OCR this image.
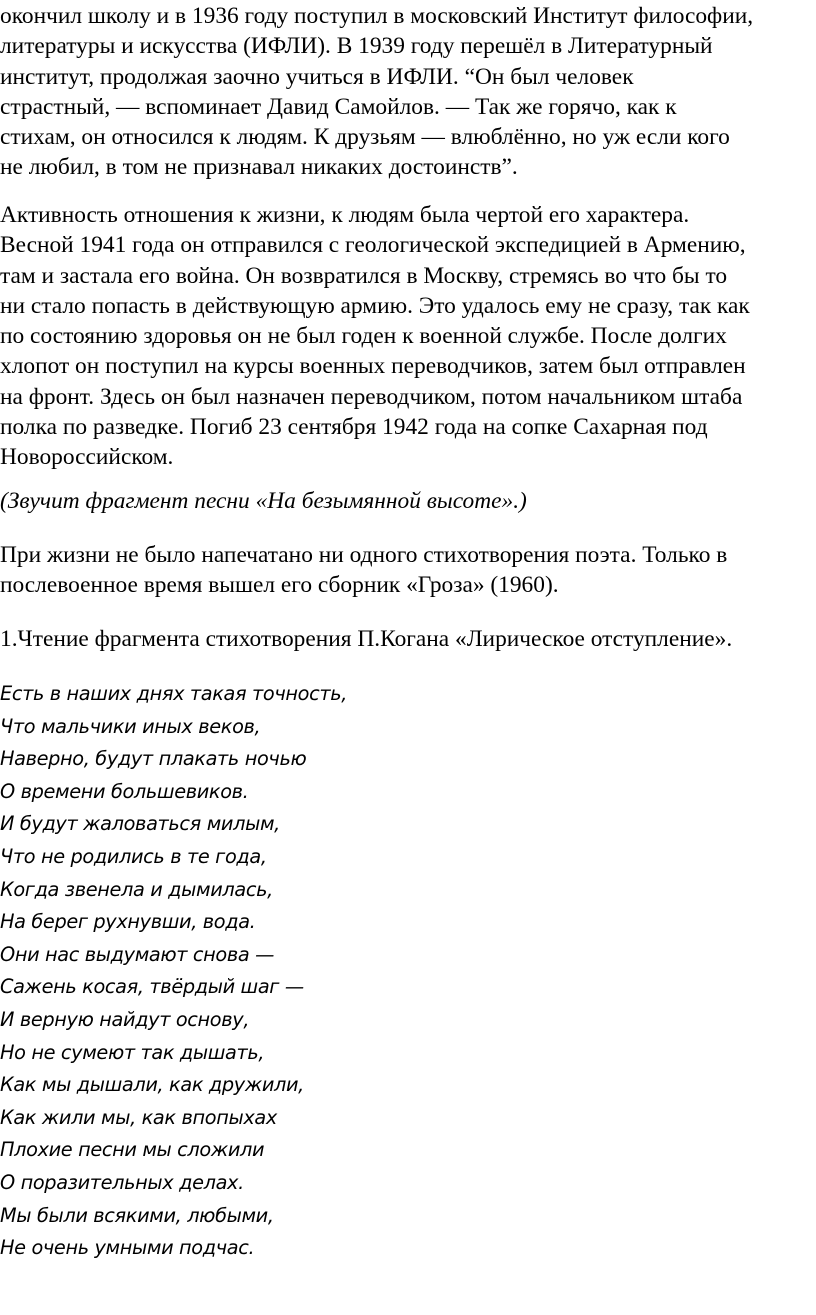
окончил школу и в 1936 году поступил в московский Институт философии,
литературы и искусства (ИФЛИ). В 1939 году перешёл в Литературный
институт, продолжая заочно учиться в ИФЛИ. “Он был человек
страстный, — вспоминает Давид Самойлов. — Так же горячо, как к
стихам, он относился к людям. К друзьям — влюблённо, но уж если кого
не любил, в том не признавал никаких достоинств”.

Активность отношения к жизни, к людям была чертой его характера.
Весной 1941 года он отправился с геологической экспедицией в Армению,
там и застала его война. Он возвратился в Москву, стремясь во что бы то
ни стало попасть в действующую армию. Это удалось ему не сразу, так как
по состоянию здоровья он не был годен к военной службе. После долгих
хлопот он поступил на курсы военных переводчиков, затем был отправлен
на фронт. Здесь он был назначен переводчиком, потом начальником штаба
полка по разведке. Погиб 23 сентября 1942 года на сопке Сахарная под
Новороссийском.

(Звучит фрагмент песни «На безымянной высоте».)

При жизни не было напечатано ни одного стихотворения поэта. Только в
послевоенное время вышел его сборник «Гроза» (1960).

1.Чтение фрагмента стихотворения П.Когана «Лирическое отступление».

Есть в наших днях такая точность,
Что мальчики иных веков,
Наверно, будут плакать ночью
О времени большевиков.
И будут жаловаться милым,
Что не родились в те года,
Когда звенела и дымилась,
На берег рухнувши, вода.
Они нас выдумают снова —
Сажень косая, твёрдый шаг —
И верную найдут основу,
Но не сумеют так дышать,
Как мы дышали, как дружили,
Как жили мы, как впопыхах
Плохие песни мы сложили
О поразительных делах.
Мы были всякими, любыми,
Не очень умными подчас.
